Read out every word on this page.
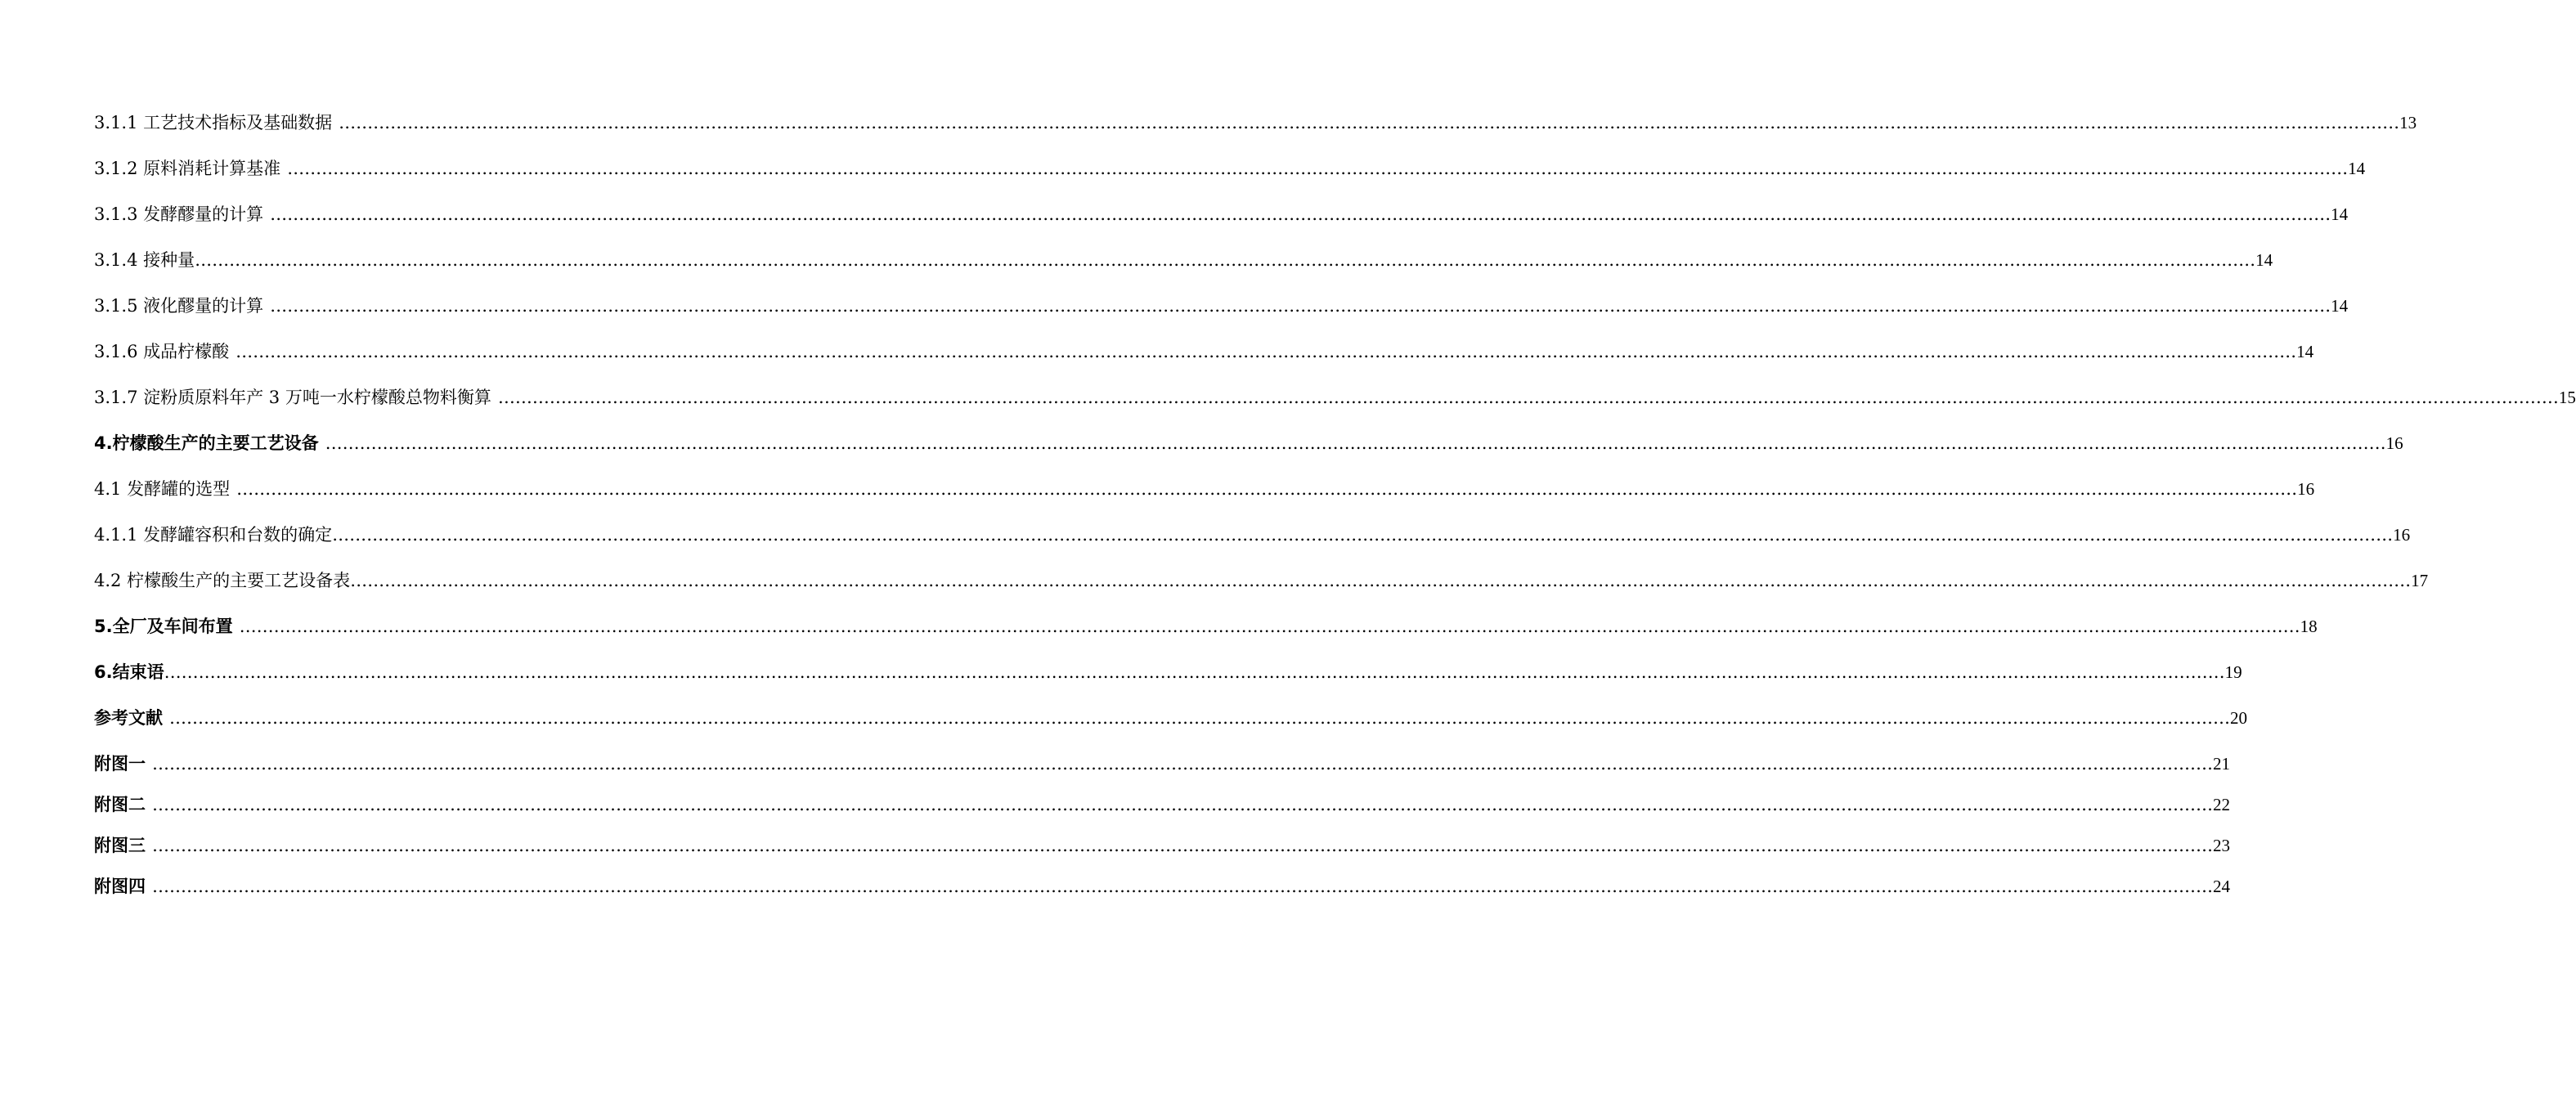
3.1.1 工艺技术指标及基础数据 ……………………………………………………………………………………………………………………………………………………………………………………………………………………………………………………………………………………………………………………………… 13
3.1.2 原料消耗计算基准 ……………………………………………………………………………………………………………………………………………………………………………………………………………………………………………………………………………………………………………………………… 14
3.1.3 发酵醪量的计算 ……………………………………………………………………………………………………………………………………………………………………………………………………………………………………………………………………………………………………………………………… 14
3.1.4 接种量 ……………………………………………………………………………………………………………………………………………………………………………………………………………………………………………………………………………………………………………………………… 14
3.1.5 液化醪量的计算 ……………………………………………………………………………………………………………………………………………………………………………………………………………………………………………………………………………………………………………………………… 14
3.1.6 成品柠檬酸 ……………………………………………………………………………………………………………………………………………………………………………………………………………………………………………………………………………………………………………………………… 14
3.1.7 淀粉质原料年产 3 万吨一水柠檬酸总物料衡算 ……………………………………………………………………………………………………………………………………………………………………………………………………………………………………………………………………………………………………………………………… 15
4.柠檬酸生产的主要工艺设备 ……………………………………………………………………………………………………………………………………………………………………………………………………………………………………………………………………………………………………………………………… 16
4.1 发酵罐的选型 ……………………………………………………………………………………………………………………………………………………………………………………………………………………………………………………………………………………………………………………………… 16
4.1.1 发酵罐容积和台数的确定 ……………………………………………………………………………………………………………………………………………………………………………………………………………………………………………………………………………………………………………………………… 16
4.2 柠檬酸生产的主要工艺设备表 ……………………………………………………………………………………………………………………………………………………………………………………………………………………………………………………………………………………………………………………………… 17
5.全厂及车间布置 ……………………………………………………………………………………………………………………………………………………………………………………………………………………………………………………………………………………………………………………………… 18
6.结束语 ……………………………………………………………………………………………………………………………………………………………………………………………………………………………………………………………………………………………………………………………… 19
参考文献 ……………………………………………………………………………………………………………………………………………………………………………………………………………………………………………………………………………………………………………………………… 20
附图一 ……………………………………………………………………………………………………………………………………………………………………………………………………………………………………………………………………………………………………………………………… 21
附图二 ……………………………………………………………………………………………………………………………………………………………………………………………………………………………………………………………………………………………………………………………… 22
附图三 ……………………………………………………………………………………………………………………………………………………………………………………………………………………………………………………………………………………………………………………………… 23
附图四 ……………………………………………………………………………………………………………………………………………………………………………………………………………………………………………………………………………………………………………………………… 24
